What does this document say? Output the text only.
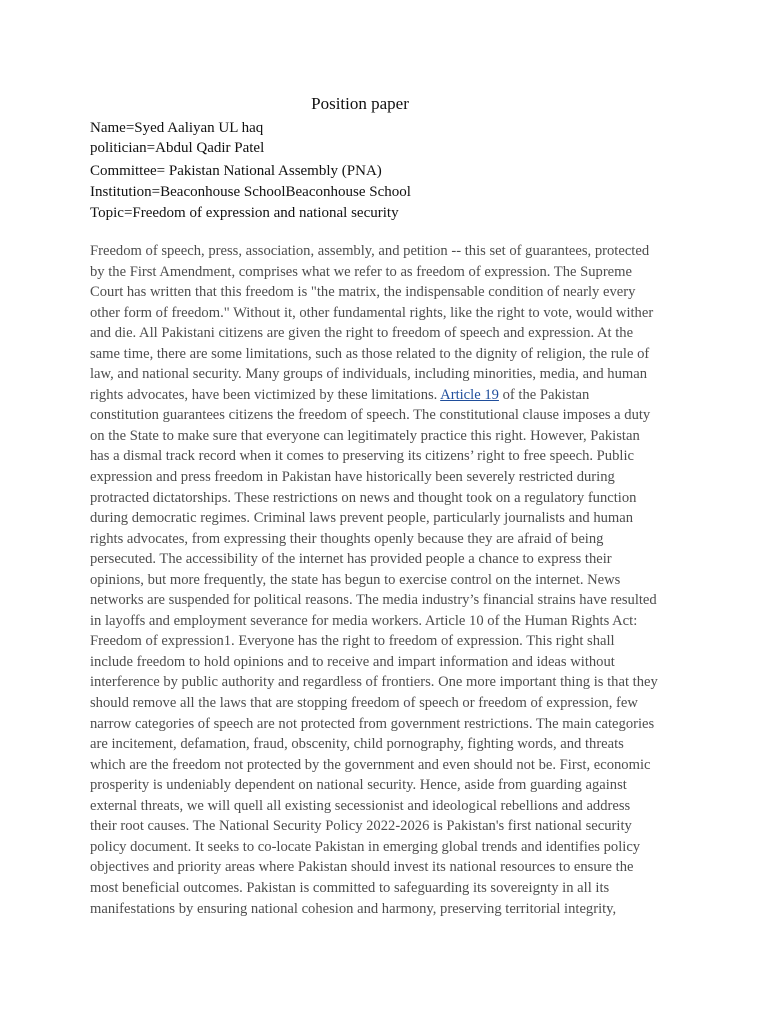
Position paper

Name=Syed Aaliyan UL haq

politician=Abdul Qadir Patel

Committee= Pakistan National Assembly (PNA)

Institution=Beaconhouse SchoolBeaconhouse School

Topic=Freedom of expression and national security

Freedom of speech, press, association, assembly, and petition -- this set of guarantees, protected
by the First Amendment, comprises what we refer to as freedom of expression. The Supreme
Court has written that this freedom is "the matrix, the indispensable condition of nearly every
other form of freedom." Without it, other fundamental rights, like the right to vote, would wither
and die. All Pakistani citizens are given the right to freedom of speech and expression. At the
same time, there are some limitations, such as those related to the dignity of religion, the rule of
law, and national security. Many groups of individuals, including minorities, media, and human
rights advocates, have been victimized by these limitations. Article 19 of the Pakistan
constitution guarantees citizens the freedom of speech. The constitutional clause imposes a duty
on the State to make sure that everyone can legitimately practice this right. However, Pakistan
has a dismal track record when it comes to preserving its citizens’ right to free speech. Public
expression and press freedom in Pakistan have historically been severely restricted during
protracted dictatorships. These restrictions on news and thought took on a regulatory function
during democratic regimes. Criminal laws prevent people, particularly journalists and human
rights advocates, from expressing their thoughts openly because they are afraid of being
persecuted. The accessibility of the internet has provided people a chance to express their
opinions, but more frequently, the state has begun to exercise control on the internet. News
networks are suspended for political reasons. The media industry’s financial strains have resulted
in layoffs and employment severance for media workers. Article 10 of the Human Rights Act:
Freedom of expression1. Everyone has the right to freedom of expression. This right shall
include freedom to hold opinions and to receive and impart information and ideas without
interference by public authority and regardless of frontiers. One more important thing is that they
should remove all the laws that are stopping freedom of speech or freedom of expression, few
narrow categories of speech are not protected from government restrictions. The main categories
are incitement, defamation, fraud, obscenity, child pornography, fighting words, and threats
which are the freedom not protected by the government and even should not be. First, economic
prosperity is undeniably dependent on national security. Hence, aside from guarding against
external threats, we will quell all existing secessionist and ideological rebellions and address
their root causes. The National Security Policy 2022-2026 is Pakistan's first national security
policy document. It seeks to co-locate Pakistan in emerging global trends and identifies policy
objectives and priority areas where Pakistan should invest its national resources to ensure the
most beneficial outcomes. Pakistan is committed to safeguarding its sovereignty in all its
manifestations by ensuring national cohesion and harmony, preserving territorial integrity,
